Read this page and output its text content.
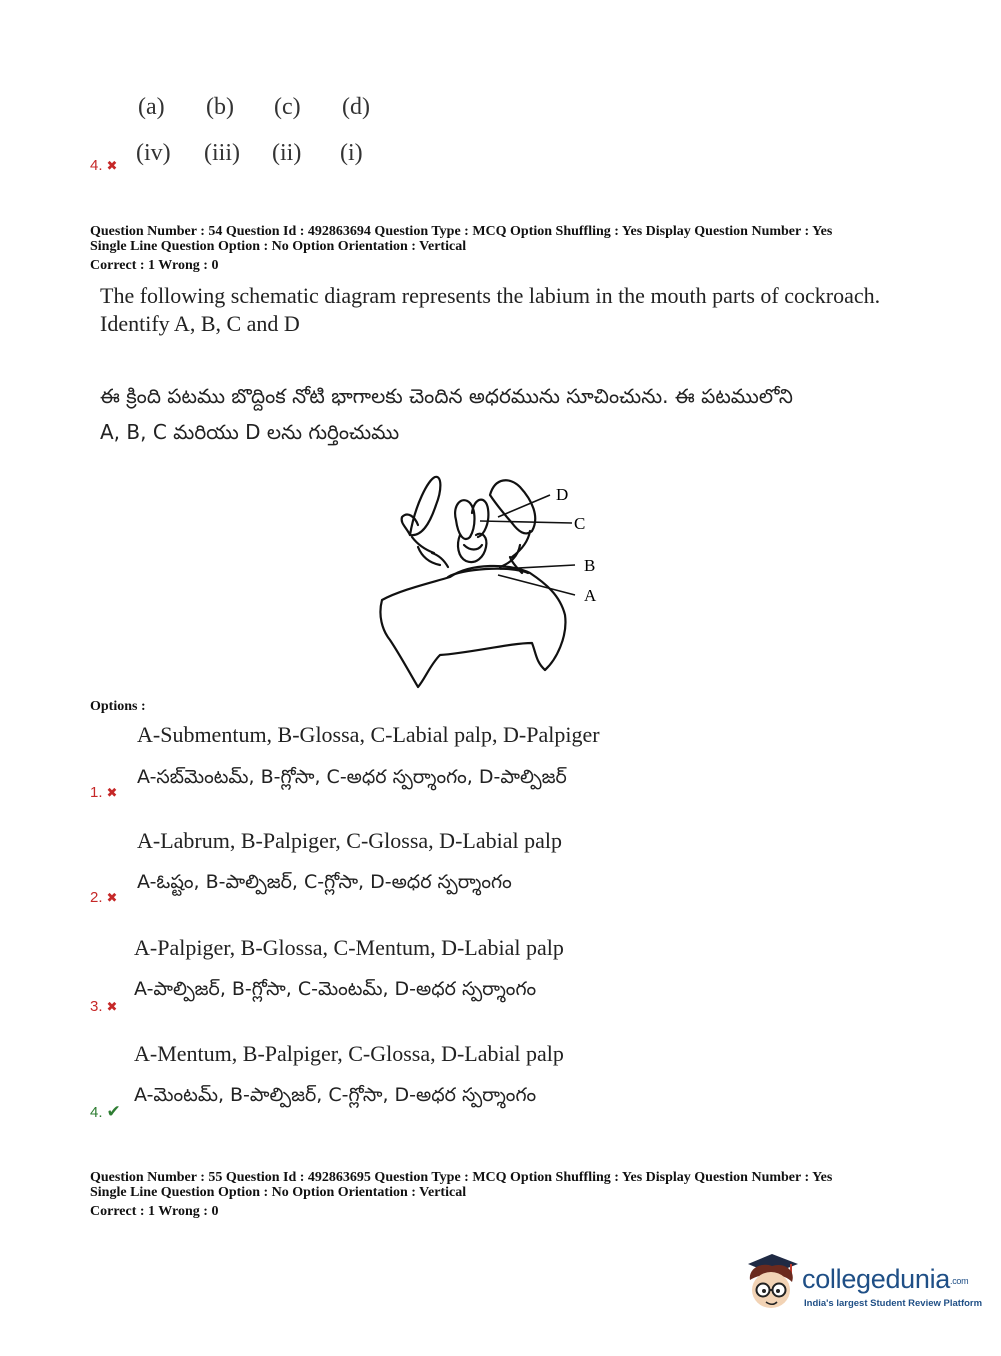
(a)	(b)	(c)	(d)
4. ✖ (iv)	(iii)	(ii)	(i)
Question Number : 54 Question Id : 492863694 Question Type : MCQ Option Shuffling : Yes Display Question Number : Yes
Single Line Question Option : No Option Orientation : Vertical
Correct : 1 Wrong : 0
The following schematic diagram represents the labium in the mouth parts of cockroach.
Identify A, B, C and D
ఈ క్రింది పటము బొద్దింక నోటి భాగాలకు చెందిన అధరమును సూచించును. ఈ పటములోని
A, B, C మరియు D లను గుర్తించుము
D
C
B
A
Options :
A-Submentum, B-Glossa, C-Labial palp, D-Palpiger
A-సబ్‌మెంటమ్, B-గ్లోసా, C-అధర స్పర్శాంగం, D-పాల్పిజర్
1. ✖
A-Labrum, B-Palpiger, C-Glossa, D-Labial palp
A-ఓష్టం, B-పాల్పిజర్, C-గ్లోసా, D-అధర స్పర్శాంగం
2. ✖
A-Palpiger, B-Glossa, C-Mentum, D-Labial palp
A-పాల్పిజర్, B-గ్లోసా, C-మెంటమ్, D-అధర స్పర్శాంగం
3. ✖
A-Mentum, B-Palpiger, C-Glossa, D-Labial palp
A-మెంటమ్, B-పాల్పిజర్, C-గ్లోసా, D-అధర స్పర్శాంగం
4. ✔
Question Number : 55 Question Id : 492863695 Question Type : MCQ Option Shuffling : Yes Display Question Number : Yes
Single Line Question Option : No Option Orientation : Vertical
Correct : 1 Wrong : 0
collegedunia.com
India's largest Student Review Platform
